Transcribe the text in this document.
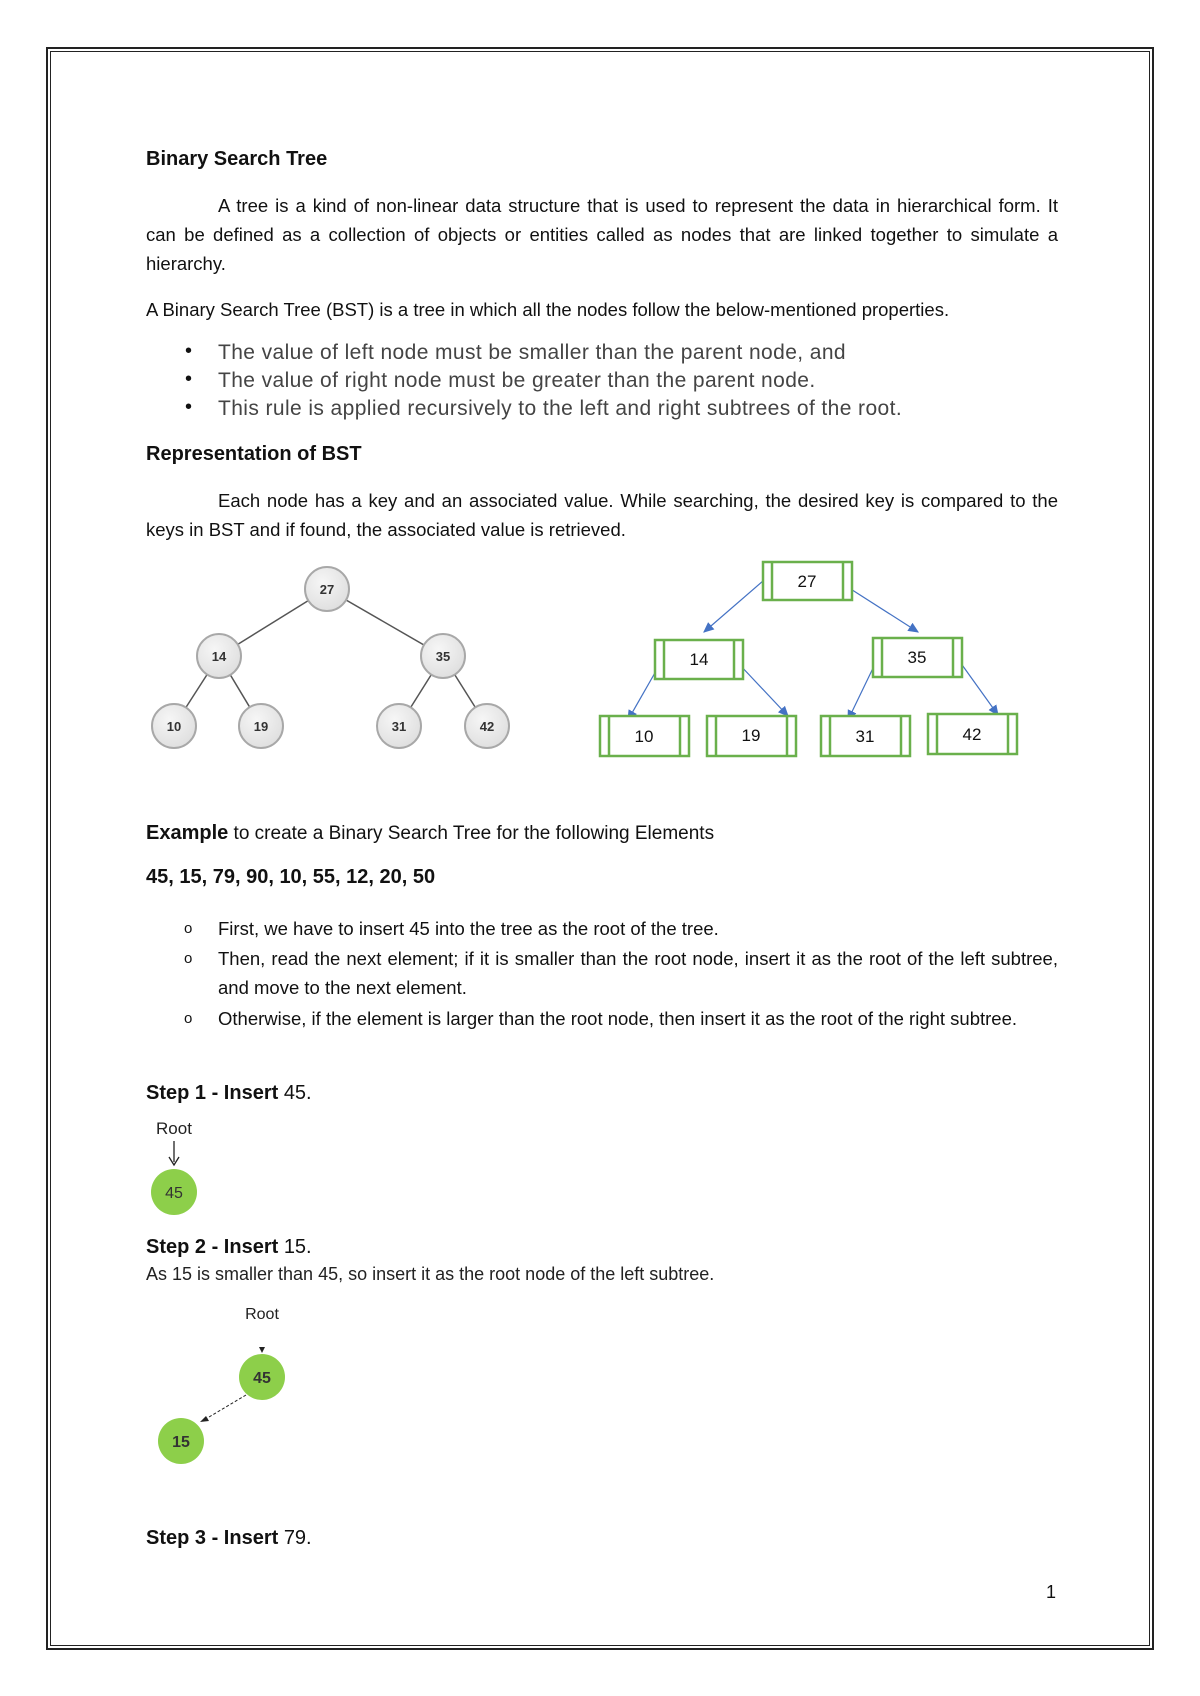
Binary Search Tree
A tree is a kind of non-linear data structure that is used to represent the data in hierarchical form. It can be defined as a collection of objects or entities called as nodes that are linked together to simulate a hierarchy.
A Binary Search Tree (BST) is a tree in which all the nodes follow the below-mentioned properties.
• The value of left node must be smaller than the parent node, and
• The value of right node must be greater than the parent node.
• This rule is applied recursively to the left and right subtrees of the root.
Representation of BST
Each node has a key and an associated value. While searching, the desired key is compared to the keys in BST and if found, the associated value is retrieved.
27
14	35
10	19	31	42
27
14	35
10	19	31	42
Example to create a Binary Search Tree for the following Elements
45, 15, 79, 90, 10, 55, 12, 20, 50
o First, we have to insert 45 into the tree as the root of the tree.
o Then, read the next element; if it is smaller than the root node, insert it as the root of the left subtree, and move to the next element.
o Otherwise, if the element is larger than the root node, then insert it as the root of the right subtree.
Step 1 - Insert 45.
Root
45
Step 2 - Insert 15.
As 15 is smaller than 45, so insert it as the root node of the left subtree.
Root
45
15
Step 3 - Insert 79.
1
